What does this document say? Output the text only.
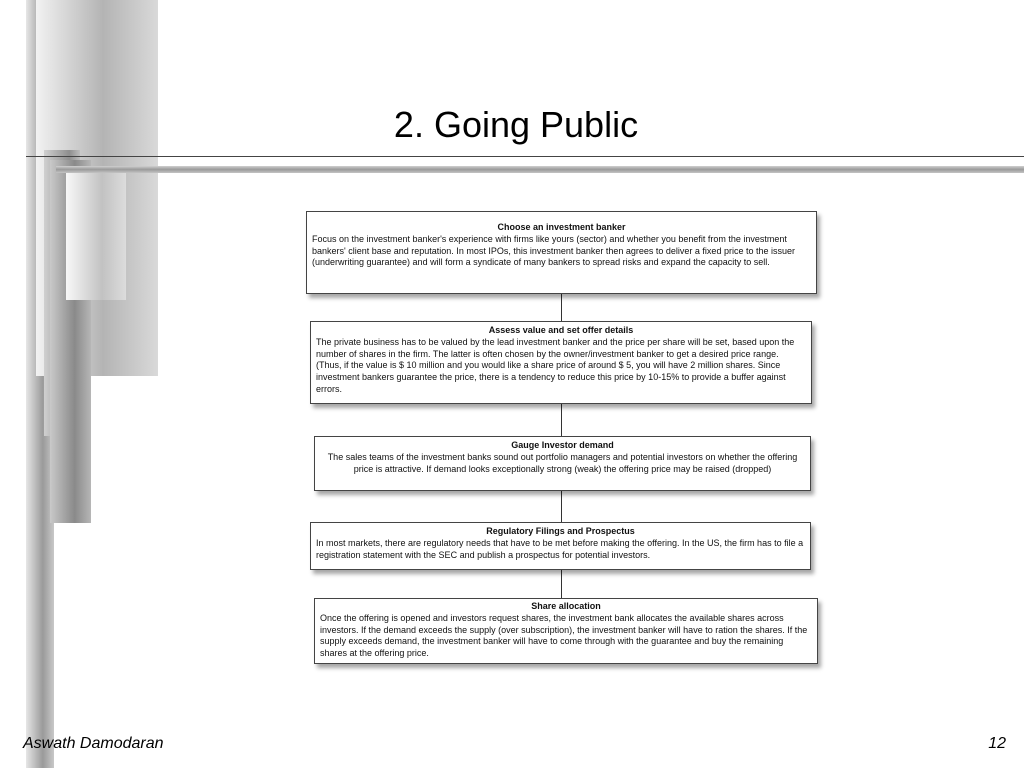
2. Going Public
Choose an investment banker
Focus on the investment banker's experience with firms like yours (sector) and whether you benefit from the investment bankers' client base and reputation. In most IPOs, this investment banker then agrees to deliver a fixed price to the issuer (underwriting guarantee) and will form a syndicate of many bankers to spread risks and expand the capacity to sell.
Assess value and set offer details
The private business has to be valued by the lead investment banker and the price per share will be set, based upon the number of shares in the firm. The latter is often chosen by the owner/investment banker to get a desired price range. (Thus, if the value is $ 10 million and you would like a share price of around $ 5, you will have 2 million shares. Since investment bankers guarantee the price, there is a tendency to reduce this price by 10-15% to provide a buffer against errors.
Gauge Investor demand
The sales teams of the investment banks sound out portfolio managers and potential investors on whether the offering price is attractive. If demand looks exceptionally strong (weak) the offering price may be raised (dropped)
Regulatory Filings and Prospectus
In most markets, there are regulatory needs that have to be met before making the offering. In the US, the firm has to file a registration statement with the SEC and publish a prospectus for potential investors.
Share allocation
Once the offering is opened and investors request shares, the investment bank allocates the available shares across investors. If the demand exceeds the supply (over subscription), the investment banker will have to ration the shares. If the supply exceeds demand, the investment banker will have to come through with the guarantee and buy the remaining shares at the offering price.
Aswath Damodaran	12
